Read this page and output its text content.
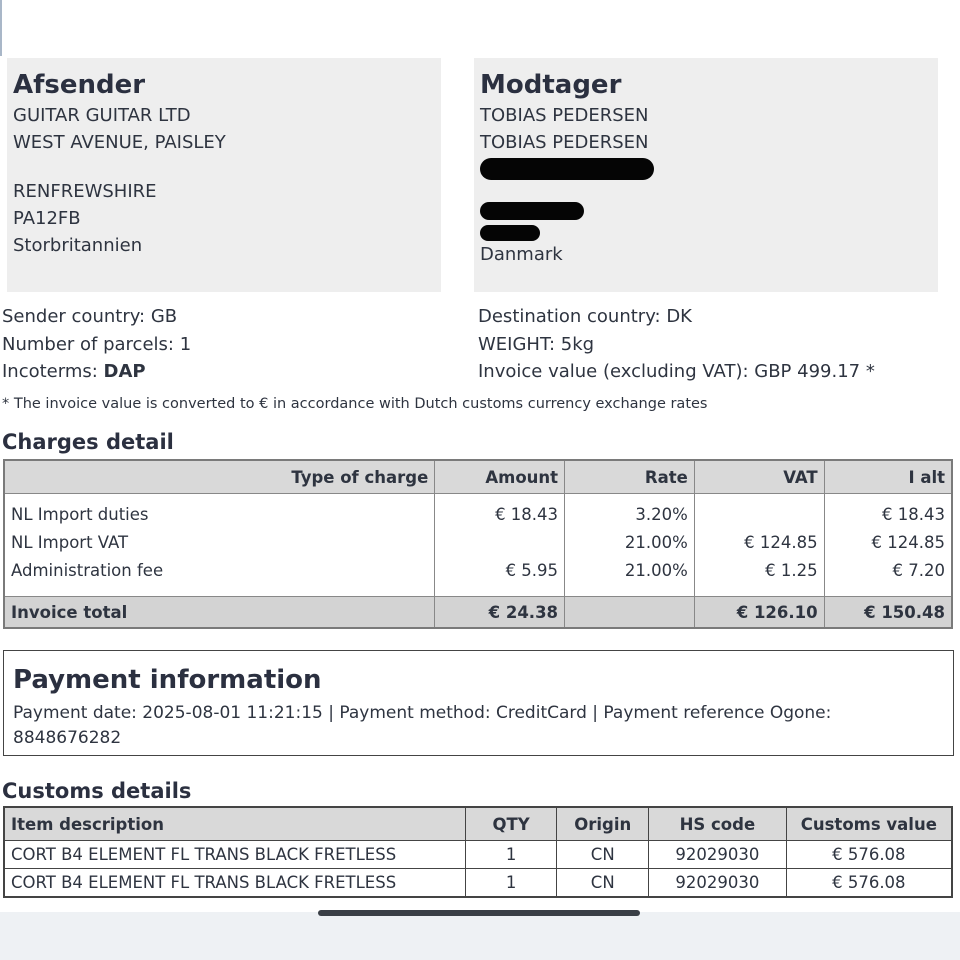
Afsender
GUITAR GUITAR LTD
WEST AVENUE, PAISLEY
RENFREWSHIRE
PA12FB
Storbritannien
Modtager
TOBIAS PEDERSEN
TOBIAS PEDERSEN
Danmark
Sender country: GB
Number of parcels: 1
Incoterms: DAP
Destination country: DK
WEIGHT: 5kg
Invoice value (excluding VAT): GBP 499.17 *
* The invoice value is converted to € in accordance with Dutch customs currency exchange rates
Charges detail
Type of charge	Amount	Rate	VAT	I alt
NL Import duties	€ 18.43	3.20%		€ 18.43
NL Import VAT		21.00%	€ 124.85	€ 124.85
Administration fee	€ 5.95	21.00%	€ 1.25	€ 7.20

Invoice total	€ 24.38		€ 126.10	€ 150.48
Payment information
Payment date: 2025-08-01 11:21:15 | Payment method: CreditCard | Payment reference Ogone: 8848676282
Customs details
Item description	QTY	Origin	HS code	Customs value
CORT B4 ELEMENT FL TRANS BLACK FRETLESS	1	CN	92029030	€ 576.08
CORT B4 ELEMENT FL TRANS BLACK FRETLESS	1	CN	92029030	€ 576.08
